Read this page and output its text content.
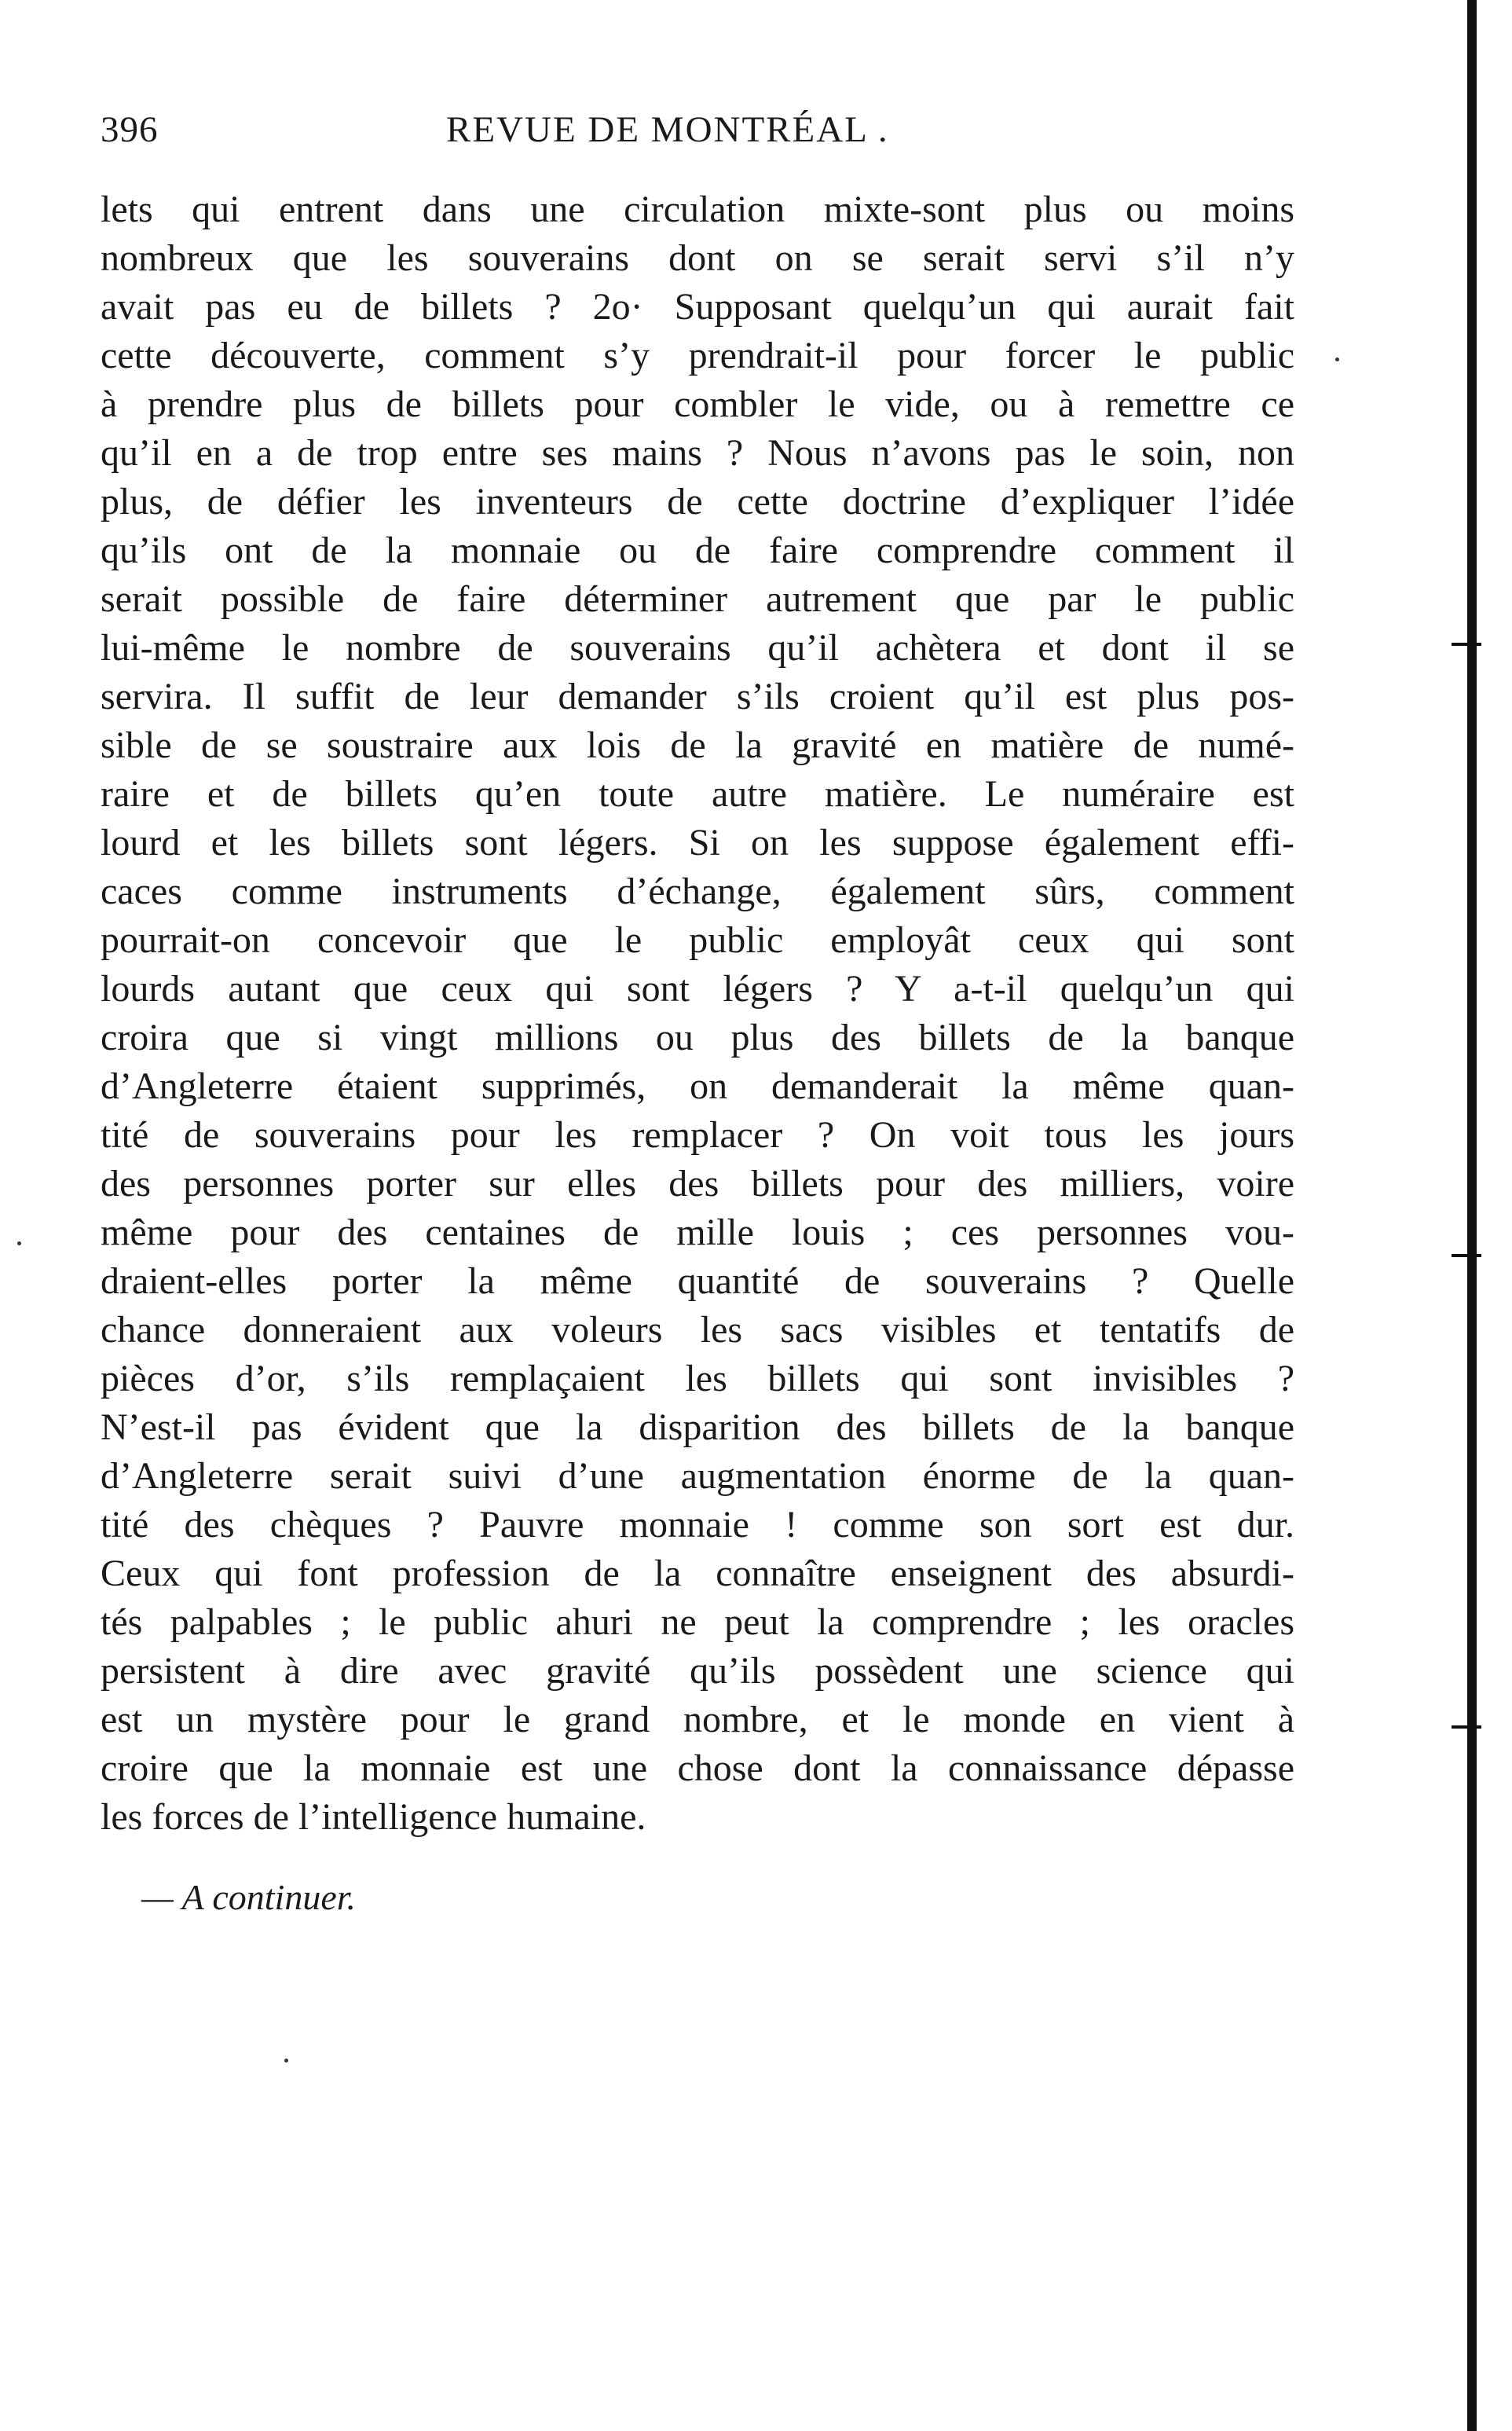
396	REVUE DE MONTRÉAL .
lets qui entrent dans une circulation mixte-sont plus ou moins
nombreux que les souverains dont on se serait servi s’il n’y
avait pas eu de billets ? 2o· Supposant quelqu’un qui aurait fait
cette découverte, comment s’y prendrait-il pour forcer le public
à prendre plus de billets pour combler le vide, ou à remettre ce
qu’il en a de trop entre ses mains ? Nous n’avons pas le soin, non
plus, de défier les inventeurs de cette doctrine d’expliquer l’idée
qu’ils ont de la monnaie ou de faire comprendre comment il
serait possible de faire déterminer autrement que par le public
lui-même le nombre de souverains qu’il achètera et dont il se
servira. Il suffit de leur demander s’ils croient qu’il est plus pos-
sible de se soustraire aux lois de la gravité en matière de numé-
raire et de billets qu’en toute autre matière. Le numéraire est
lourd et les billets sont légers. Si on les suppose également effi-
caces comme instruments d’échange, également sûrs, comment
pourrait-on concevoir que le public employât ceux qui sont
lourds autant que ceux qui sont légers ? Y a-t-il quelqu’un qui
croira que si vingt millions ou plus des billets de la banque
d’Angleterre étaient supprimés, on demanderait la même quan-
tité de souverains pour les remplacer ? On voit tous les jours
des personnes porter sur elles des billets pour des milliers, voire
même pour des centaines de mille louis ; ces personnes vou-
draient-elles porter la même quantité de souverains ? Quelle
chance donneraient aux voleurs les sacs visibles et tentatifs de
pièces d’or, s’ils remplaçaient les billets qui sont invisibles ?
N’est-il pas évident que la disparition des billets de la banque
d’Angleterre serait suivi d’une augmentation énorme de la quan-
tité des chèques ? Pauvre monnaie ! comme son sort est dur.
Ceux qui font profession de la connaître enseignent des absurdi-
tés palpables ; le public ahuri ne peut la comprendre ; les oracles
persistent à dire avec gravité qu’ils possèdent une science qui
est un mystère pour le grand nombre, et le monde en vient à
croire que la monnaie est une chose dont la connaissance dépasse
les forces de l’intelligence humaine.
— A continuer.
